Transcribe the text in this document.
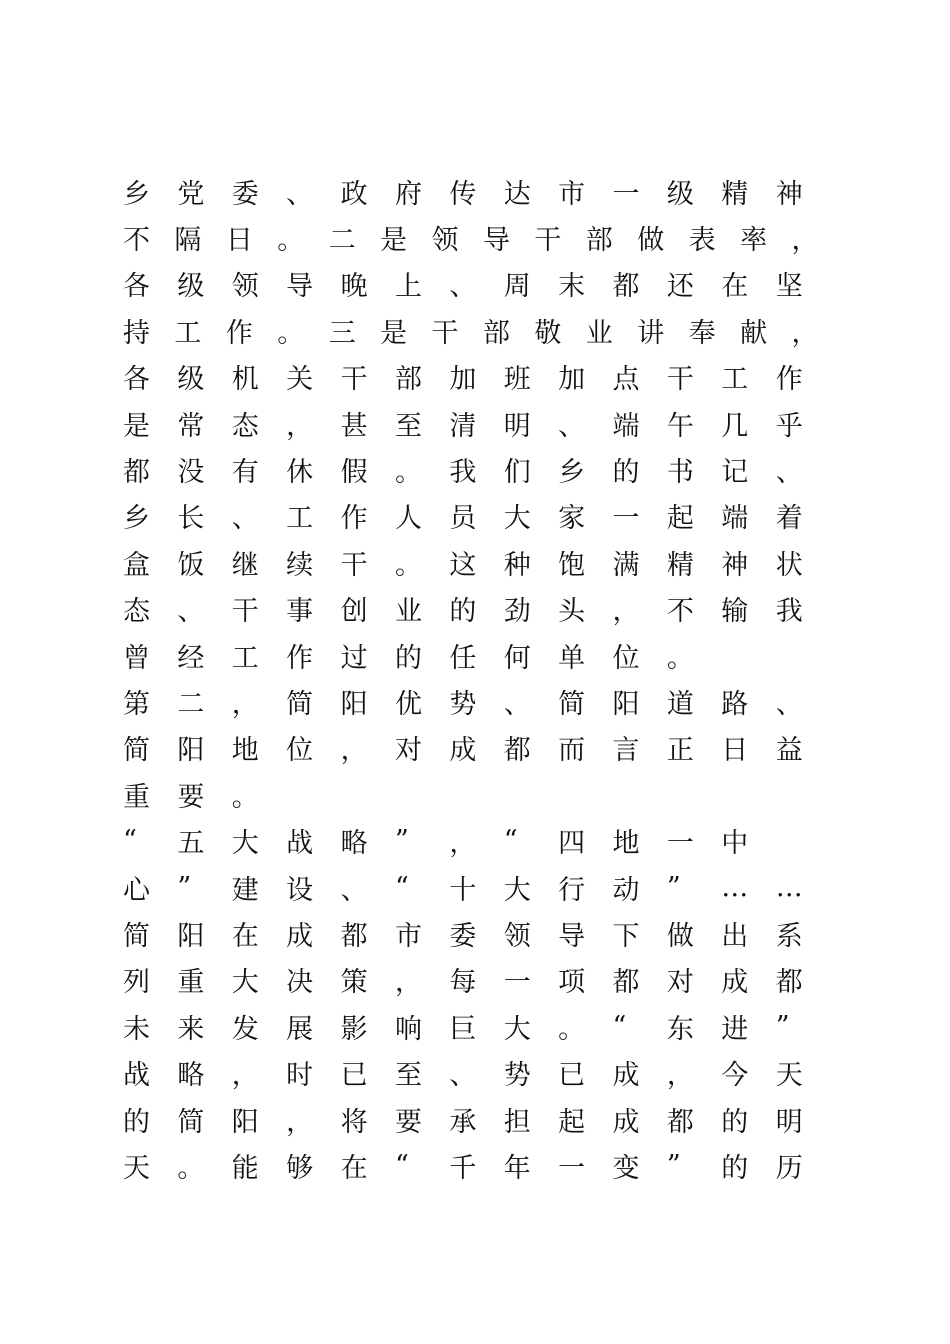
乡	党	委	、	政	府	传	达	市	一	级	精	神
不 隔 日 。 二 是 领 导 干 部 做 表 率 ，
各	级	领	导	晚	上	、	周	末	都	还	在	坚
持 工 作 。 三 是 干 部 敬 业 讲 奉 献 ，
各	级	机	关	干	部	加	班	加	点	干	工	作
是	常	态	，	甚	至	清	明	、	端	午	几	乎
都	没	有	休	假	。	我	们	乡	的	书	记	、
乡	长	、	工	作	人	员	大	家	一	起	端	着
盒	饭	继	续	干	。	这	种	饱	满	精	神	状
态	、	干	事	创	业	的	劲	头	，	不	输	我
曾	经	工	作	过	的	任	何	单	位	。
第	二	，	简	阳	优	势	、	简	阳	道	路	、
简	阳	地	位	，	对	成	都	而	言	正	日	益
重	要	。
“	五	大	战	略	”	，	“	四	地	一	中
心	”	建	设	、	“	十	大	行	动	”	…	…
简	阳	在	成	都	市	委	领	导	下	做	出	系
列	重	大	决	策	，	每	一	项	都	对	成	都
未	来	发	展	影	响	巨	大	。	“	东	进	”
战	略	，	时	已	至	、	势	已	成	，	今	天
的	简	阳	，	将	要	承	担	起	成	都	的	明
天	。	能	够	在	“	千	年	一	变	”	的	历
